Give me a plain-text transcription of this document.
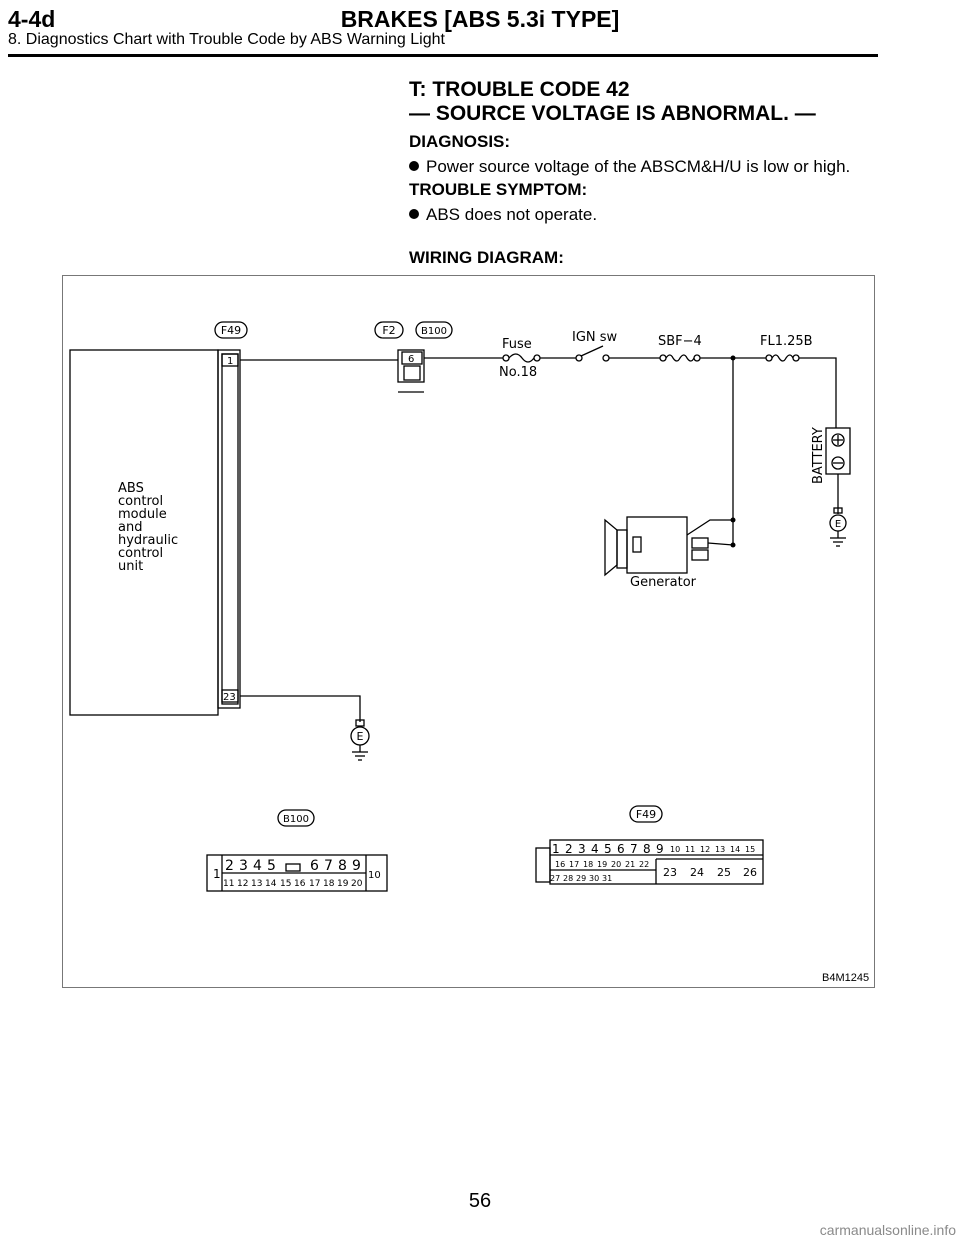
4-4d	BRAKES [ABS 5.3i TYPE]
8. Diagnostics Chart with Trouble Code by ABS Warning Light
T: TROUBLE CODE 42
— SOURCE VOLTAGE IS ABNORMAL. —
DIAGNOSIS:
Power source voltage of the ABSCM&H/U is low or high.
TROUBLE SYMPTOM:
ABS does not operate.
WIRING DIAGRAM:
ABS control module and hydraulic control unit
1
23
F49	F2	B100
6
Fuse
No.18
IGN sw	SBF−4	FL1.25B
BATTERY
E
Generator
E
B100
1	10
2 3 4 5 6 7 8 9
11 12 13 14 15 16 17 18 19 20
F49
1 2 3 4 5 6 7 8 9 10 11 12 13 14 15
16 17 18 19 20 21 22
27 28 29 30 31	23 24 25 26
B4M1245
56
carmanualsonline.info
